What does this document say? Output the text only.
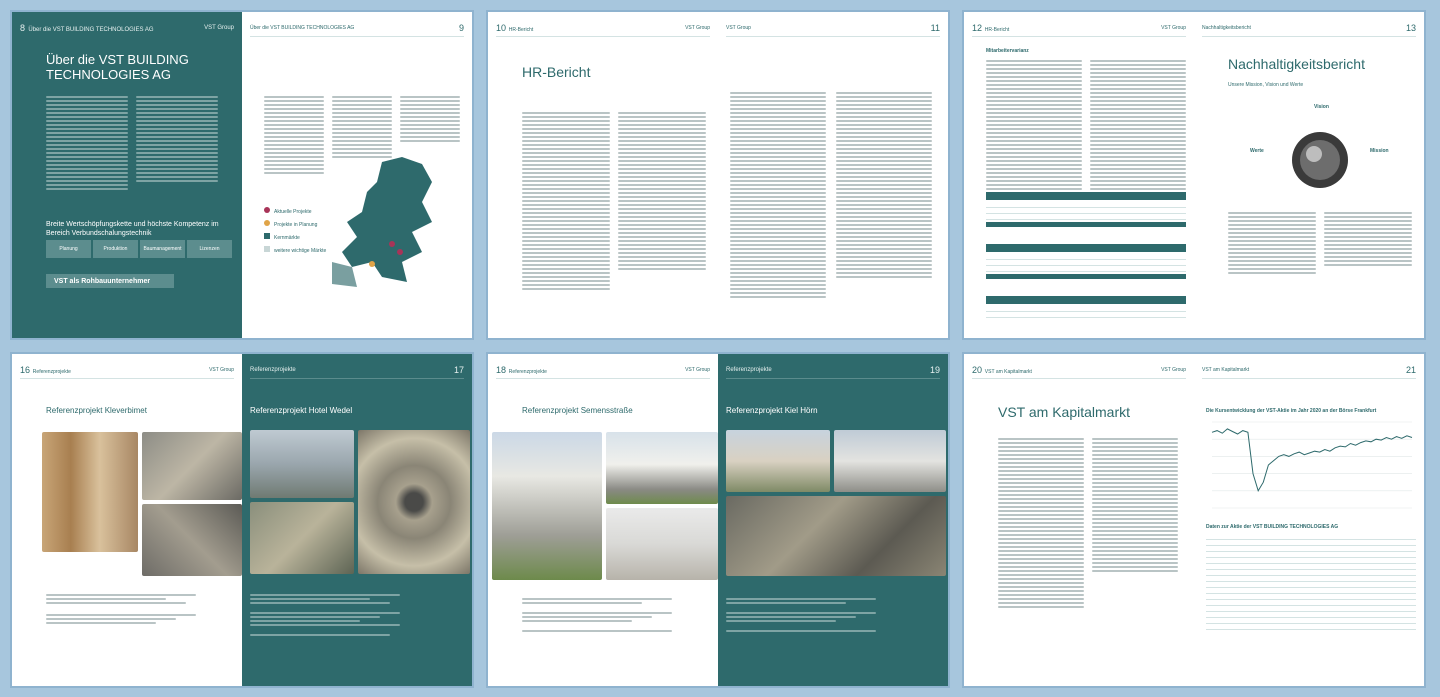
8 Über die VST BUILDING TECHNOLOGIES AG	VST Group
Über die VST BUILDING TECHNOLOGIES AG
Breite Wertschöpfungskette und höchste Kompetenz im Bereich Verbundschalungstechnik
Planung	Produktion	Baumanagement	Lizenzen
VST als Rohbauunternehmer
Über die VST BUILDING TECHNOLOGIES AG	9
Aktuelle Projekte
Projekte in Planung
Kernmärkte
weitere wichtige Märkte
10 HR-Bericht	VST Group
HR-Bericht
VST Group	11	12 HR-Bericht	VST Group
Mitarbeitervarianz
Nachhaltigkeitsbericht	13
Nachhaltigkeitsbericht
Unsere Mission, Vision und Werte
Vision
Werte	Mission
16 Referenzprojekte	VST Group
Referenzprojekt Kleverbimet

Referenzprojekte	17
Referenzprojekt Hotel Wedel

18 Referenzprojekte	VST Group
Referenzprojekt Semensstraße

Referenzprojekte	19
Referenzprojekt Kiel Hörn

20 VST am Kapitalmarkt	VST Group
VST am Kapitalmarkt
VST am Kapitalmarkt	21
Die Kursentwicklung der VST-Aktie im Jahr 2020 an der Börse Frankfurt
Daten zur Aktie der VST BUILDING TECHNOLOGIES AG
